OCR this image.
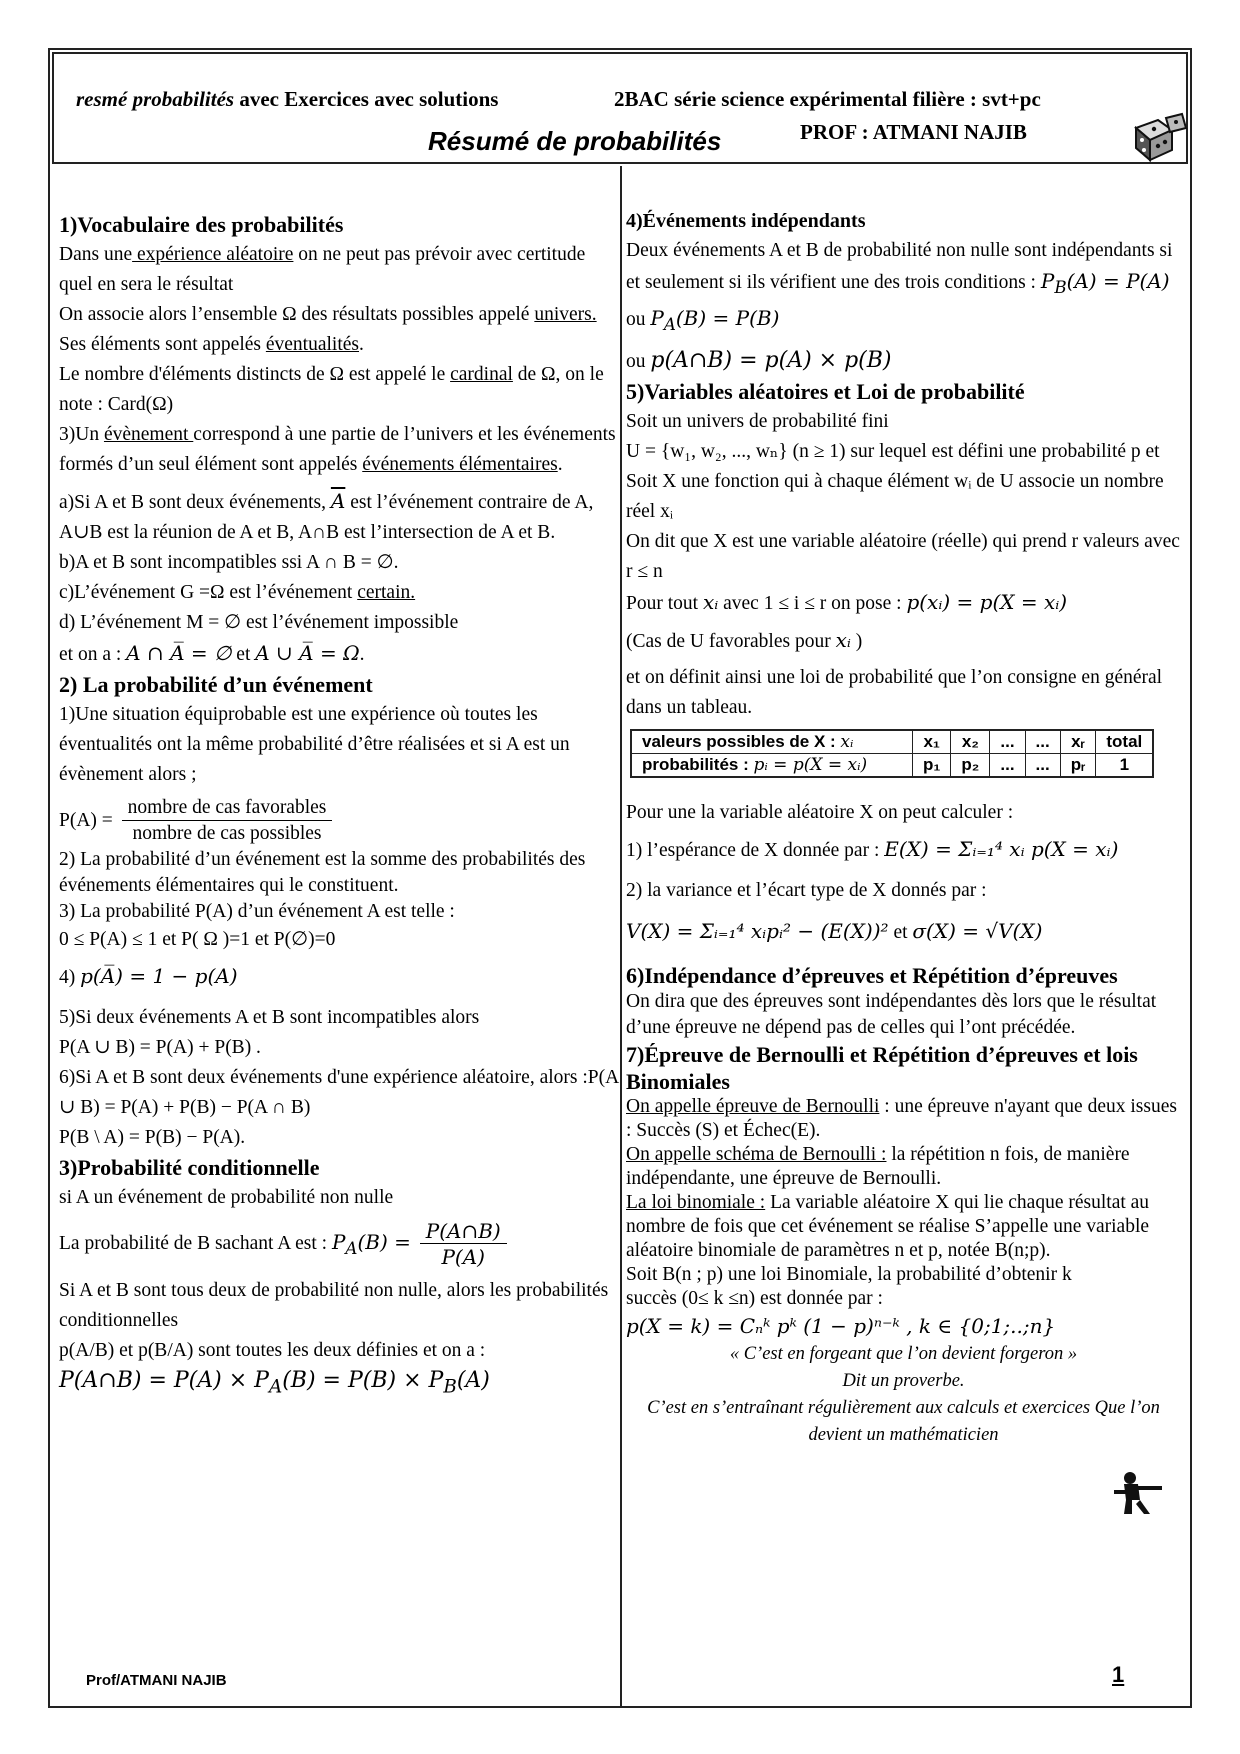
resmé probabilités avec Exercices avec solutions	2BAC série science expérimental filière : svt+pc
Résumé de probabilités	PROF : ATMANI NAJIB
1)Vocabulaire des probabilités

Dans une expérience aléatoire on ne peut pas prévoir avec certitude quel en sera le résultat

On associe alors l’ensemble Ω des résultats possibles appelé univers. Ses éléments sont appelés éventualités.

Le nombre d'éléments distincts de Ω est appelé le cardinal de Ω, on le note : Card(Ω)

3)Un évènement correspond à une partie de l’univers et les événements formés d’un seul élément sont appelés événements élémentaires.

a)Si A et B sont deux événements, $\overline{A}$ est l’événement contraire de A, A∪B est la réunion de A et B, A∩B est l’intersection de A et B.

b)A et B sont incompatibles ssi A ∩ B = ∅.

c)L’événement G =Ω est l’événement certain.

d) L’événement M = ∅ est l’événement impossible

et on a : A ∩ A̅ = ∅ et A ∪ A̅ = Ω.

2) La probabilité d’un événement

1)Une situation équiprobable est une expérience où toutes les éventualités ont la même probabilité d’être réalisées et si A est un évènement alors ;

$P(A) = \frac{\text{nombre de cas favorables}}{\text{nombre de cas possibles}}$

2) La probabilité d’un événement est la somme des probabilités des événements élémentaires qui le constituent.

3) La probabilité P(A) d’un événement A est telle :

0 ≤ P(A) ≤ 1 et P( Ω )=1 et P(∅)=0

4) p(A̅) = 1 − p(A)

5)Si deux événements A et B sont incompatibles alors

P(A ∪ B) = P(A) + P(B) .

6)Si A et B sont deux événements d'une expérience aléatoire, alors :P(A ∪ B) = P(A) + P(B) − P(A ∩ B)

P(B \ A) = P(B) − P(A).

3)Probabilité conditionnelle

si A un événement de probabilité non nulle

La probabilité de B sachant A est : $P_A(B) = \frac{P(A\cap B)}{P(A)}$

Si A et B sont tous deux de probabilité non nulle, alors les probabilités conditionnelles

p(A/B) et p(B/A) sont toutes les deux définies et on a :

P(A∩B) = $P(A) \times P_A(B) = P(B) \times P_B(A)$

4)Événements indépendants

Deux événements A et B de probabilité non nulle sont indépendants si et seulement si ils vérifient une des trois conditions : $P_B(A) = P(A)$ ou $P_A(B) = P(B)$

ou p(A∩B) = p(A) × p(B)

5)Variables aléatoires et Loi de probabilité

Soit un univers de probabilité fini

U = {w₁, w₂, ..., wₙ} (n ≥ 1) sur lequel est défini une probabilité p et Soit X une fonction qui à chaque élément wᵢ de U associe un nombre réel xᵢ

On dit que X est une variable aléatoire (réelle) qui prend r valeurs avec r ≤ n

Pour tout xᵢ avec 1 ≤ i ≤ r on pose : p(xᵢ) = p(X = xᵢ)

(Cas de U favorables pour xᵢ )

et on définit ainsi une loi de probabilité que l’on consigne en général dans un tableau.

valeurs possibles de X : xᵢ	x₁	x₂	...	...	xᵣ	total
probabilités : pᵢ = p(X = xᵢ)	p₁	p₂	...	...	pᵣ	1

Pour une la variable aléatoire X on peut calculer :

1) l’espérance de X donnée par : E(X) = Σᵢ₌₁⁴ xᵢ p(X = xᵢ)

2) la variance et l’écart type de X donnés par :

V(X) = Σᵢ₌₁⁴ xᵢpᵢ² − (E(X))² et σ(X) = √V(X)

6)Indépendance d’épreuves et Répétition d’épreuves

On dira que des épreuves sont indépendantes dès lors que le résultat d’une épreuve ne dépend pas de celles qui l’ont précédée.

7)Épreuve de Bernoulli et Répétition d’épreuves et lois Binomiales

On appelle épreuve de Bernoulli : une épreuve n'ayant que deux issues : Succès (S) et Échec(E).

On appelle schéma de Bernoulli : la répétition n fois, de manière indépendante, une épreuve de Bernoulli.

La loi binomiale : La variable aléatoire X qui lie chaque résultat au nombre de fois que cet événement se réalise S’appelle une variable aléatoire binomiale de paramètres n et p, notée B(n;p).

Soit B(n ; p) une loi Binomiale, la probabilité d’obtenir k succès (0≤ k ≤n) est donnée par :

p(X = k) = Cₙᵏ pᵏ (1 − p)ⁿ⁻ᵏ , k ∈ {0;1;..;n}

« C’est en forgeant que l’on devient forgeron »

Dit un proverbe.

C’est en s’entraînant régulièrement aux calculs et exercices Que l’on devient un mathématicien

Prof/ATMANI NAJIB	1
